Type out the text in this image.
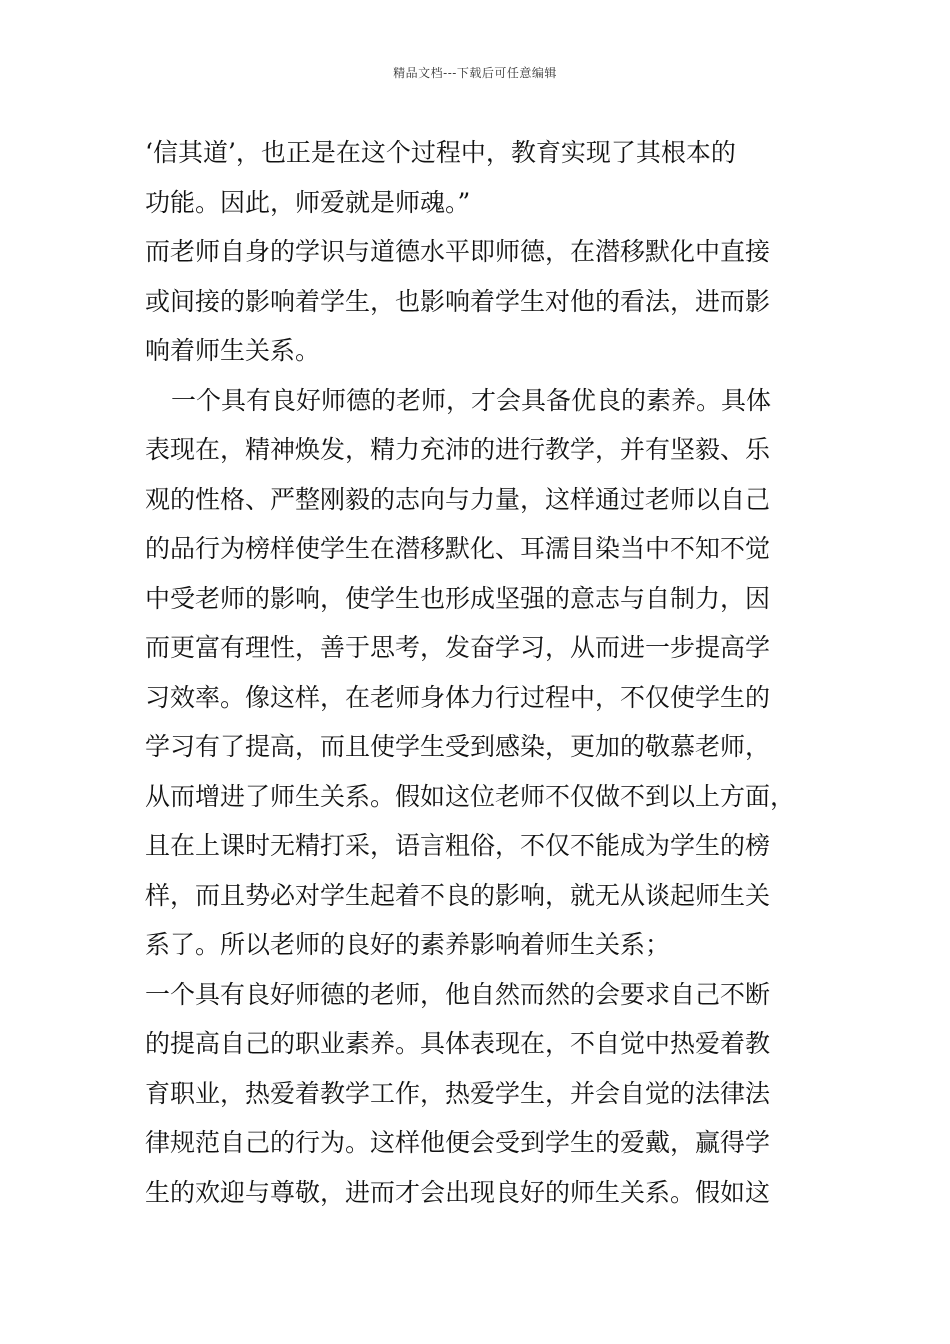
精品文档---下载后可任意编辑
‘信其道’，也正是在这个过程中，教育实现了其根本的
功能。因此，师爱就是师魂。”
而老师自身的学识与道德水平即师德，在潜移默化中直接
或间接的影响着学生，也影响着学生对他的看法，进而影
响着师生关系。
一个具有良好师德的老师，才会具备优良的素养。具体
表现在，精神焕发，精力充沛的进行教学，并有坚毅、乐
观的性格、严整刚毅的志向与力量，这样通过老师以自己
的品行为榜样使学生在潜移默化、耳濡目染当中不知不觉
中受老师的影响，使学生也形成坚强的意志与自制力，因
而更富有理性，善于思考，发奋学习，从而进一步提高学
习效率。像这样，在老师身体力行过程中，不仅使学生的
学习有了提高，而且使学生受到感染，更加的敬慕老师，
从而增进了师生关系。假如这位老师不仅做不到以上方面，
且在上课时无精打采，语言粗俗，不仅不能成为学生的榜
样，而且势必对学生起着不良的影响，就无从谈起师生关
系了。所以老师的良好的素养影响着师生关系；
一个具有良好师德的老师，他自然而然的会要求自己不断
的提高自己的职业素养。具体表现在，不自觉中热爱着教
育职业，热爱着教学工作，热爱学生，并会自觉的法律法
律规范自己的行为。这样他便会受到学生的爱戴，赢得学
生的欢迎与尊敬，进而才会出现良好的师生关系。假如这
